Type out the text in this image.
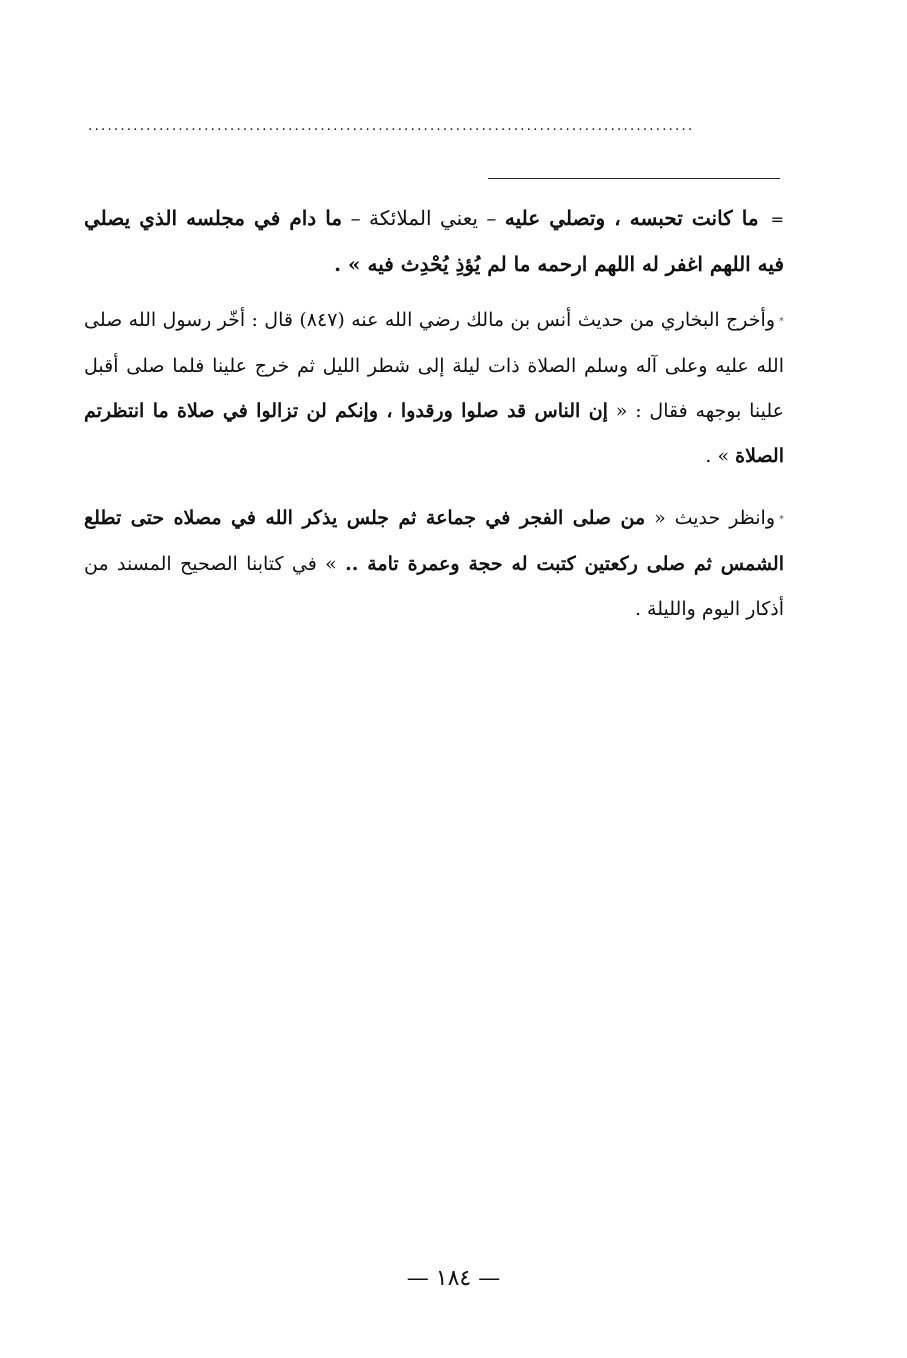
..............................................................................................
=ما كانت تحبسه ، وتصلي عليه – يعني الملائكة – ما دام في مجلسه الذي يصلي فيه اللهم اغفر له اللهم ارحمه ما لم يُؤذِ يُحْدِث فيه » .
*وأخرج البخاري من حديث أنس بن مالك رضي الله عنه (٨٤٧) قال : أخّر رسول الله صلى الله عليه وعلى آله وسلم الصلاة ذات ليلة إلى شطر الليل ثم خرج علينا فلما صلى أقبل علينا بوجهه فقال : « إن الناس قد صلوا ورقدوا ، وإنكم لن تزالوا في صلاة ما انتظرتم الصلاة » .
*وانظر حديث « من صلى الفجر في جماعة ثم جلس يذكر الله في مصلاه حتى تطلع الشمس ثم صلى ركعتين كتبت له حجة وعمرة تامة .. » في كتابنا الصحيح المسند من أذكار اليوم والليلة .
— ١٨٤ —
